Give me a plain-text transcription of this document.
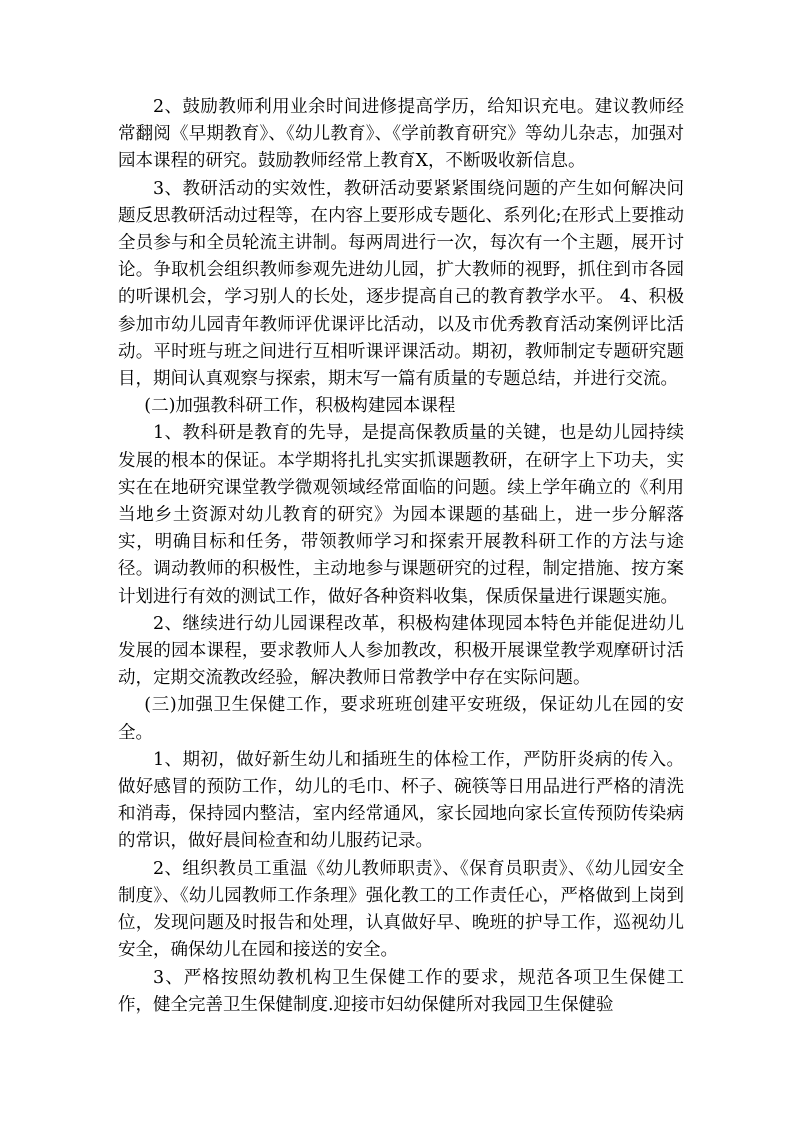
2、鼓励教师利用业余时间进修提高学历，给知识充电。建议教师经常翻阅《早期教育》、《幼儿教育》、《学前教育研究》等幼儿杂志，加强对园本课程的研究。鼓励教师经常上教育X，不断吸收新信息。

3、教研活动的实效性，教研活动要紧紧围绕问题的产生如何解决问题反思教研活动过程等，在内容上要形成专题化、系列化;在形式上要推动全员参与和全员轮流主讲制。每两周进行一次，每次有一个主题，展开讨论。争取机会组织教师参观先进幼儿园，扩大教师的视野，抓住到市各园的听课机会，学习别人的长处，逐步提高自己的教育教学水平。 4、积极参加市幼儿园青年教师评优课评比活动，以及市优秀教育活动案例评比活动。平时班与班之间进行互相听课评课活动。期初，教师制定专题研究题目，期间认真观察与探索，期末写一篇有质量的专题总结，并进行交流。

(二)加强教科研工作，积极构建园本课程

1、教科研是教育的先导，是提高保教质量的关键，也是幼儿园持续发展的根本的保证。本学期将扎扎实实抓课题教研，在研字上下功夫，实实在在地研究课堂教学微观领域经常面临的问题。续上学年确立的《利用当地乡土资源对幼儿教育的研究》为园本课题的基础上，进一步分解落实，明确目标和任务，带领教师学习和探索开展教科研工作的方法与途径。调动教师的积极性，主动地参与课题研究的过程，制定措施、按方案计划进行有效的测试工作，做好各种资料收集，保质保量进行课题实施。

2、继续进行幼儿园课程改革，积极构建体现园本特色并能促进幼儿发展的园本课程，要求教师人人参加教改，积极开展课堂教学观摩研讨活动，定期交流教改经验，解决教师日常教学中存在实际问题。

(三)加强卫生保健工作，要求班班创建平安班级，保证幼儿在园的安全。

1、期初，做好新生幼儿和插班生的体检工作，严防肝炎病的传入。做好感冒的预防工作，幼儿的毛巾、杯子、碗筷等日用品进行严格的清洗和消毒，保持园内整洁，室内经常通风，家长园地向家长宣传预防传染病的常识，做好晨间检查和幼儿服药记录。

2、组织教员工重温《幼儿教师职责》、《保育员职责》、《幼儿园安全制度》、《幼儿园教师工作条理》强化教工的工作责任心，严格做到上岗到位，发现问题及时报告和处理，认真做好早、晚班的护导工作，巡视幼儿安全，确保幼儿在园和接送的安全。

3、严格按照幼教机构卫生保健工作的要求，规范各项卫生保健工作，健全完善卫生保健制度.迎接市妇幼保健所对我园卫生保健验
